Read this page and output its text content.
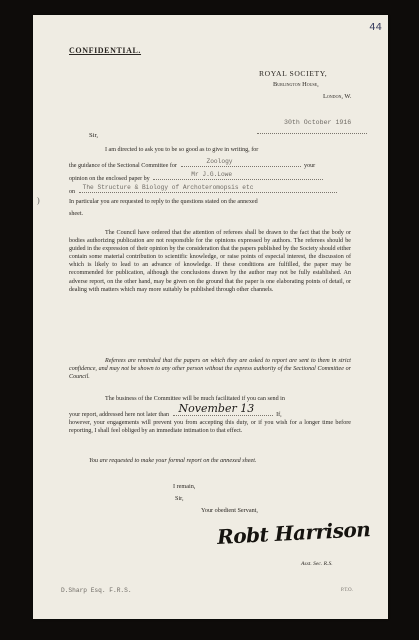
44
CONFIDENTIAL.
ROYAL SOCIETY,
Burlington House,
London, W.
30th October 1916
Sir,
I am directed to ask you to be so good as to give in writing, for
the guidance of the Sectional Committee for
Zoology
your
opinion on the enclosed paper by
Mr J.G.Lowe
on
The Structure & Biology of Archoteromopsis etc
In particular you are requested to reply to the questions stated on the annexed
sheet.
)
The Council have ordered that the attention of referees shall be drawn to the fact that the body or bodies authorizing publication are not responsible for the opinions expressed by authors. The referees should be guided in the expression of their opinion by the consideration that the papers published by the Society should either contain some material contribution to scientific knowledge, or raise points of especial interest, the discussion of which is likely to lead to an advance of knowledge. If these conditions are fulfilled, the paper may be recommended for publication, although the conclusions drawn by the author may not be fully established. An adverse report, on the other hand, may be given on the ground that the paper is one elaborating points of detail, or dealing with matters which may more suitably be published through other channels.
Referees are reminded that the papers on which they are asked to report are sent to them in strict confidence, and may not be shown to any other person without the express authority of the Sectional Committee or Council.
The business of the Committee will be much facilitated if you can send in
your report, addressed here not later than November 13	If,
however, your engagements will prevent you from accepting this duty, or if you wish for a longer time before reporting, I shall feel obliged by an immediate intimation to that effect.
You are requested to make your formal report on the annexed sheet.
I remain,
Sir,
Your obedient Servant,
Robt Harrison
Asst. Sec. R.S.
D.Sharp Esq. F.R.S.	P.T.O.
